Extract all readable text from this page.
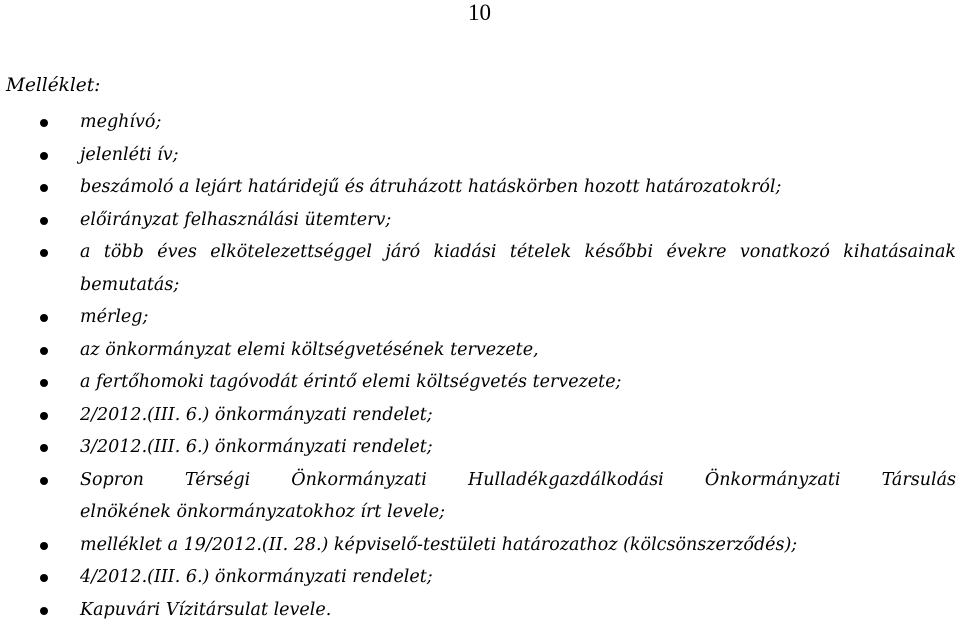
10
Melléklet:
meghívó;
jelenléti ív;
beszámoló a lejárt határidejű és átruházott hatáskörben hozott határozatokról;
előirányzat felhasználási ütemterv;
a több éves elkötelezettséggel járó kiadási tételek későbbi évekre vonatkozó kihatásainak
bemutatás;
mérleg;
az önkormányzat elemi költségvetésének tervezete,
a fertőhomoki tagóvodát érintő elemi költségvetés tervezete;
2/2012.(III. 6.) önkormányzati rendelet;
3/2012.(III. 6.) önkormányzati rendelet;
Sopron Térségi Önkormányzati Hulladékgazdálkodási Önkormányzati Társulás
elnökének önkormányzatokhoz írt levele;
melléklet a 19/2012.(II. 28.) képviselő-testületi határozathoz (kölcsönszerződés);
4/2012.(III. 6.) önkormányzati rendelet;
Kapuvári Vízitársulat levele.
